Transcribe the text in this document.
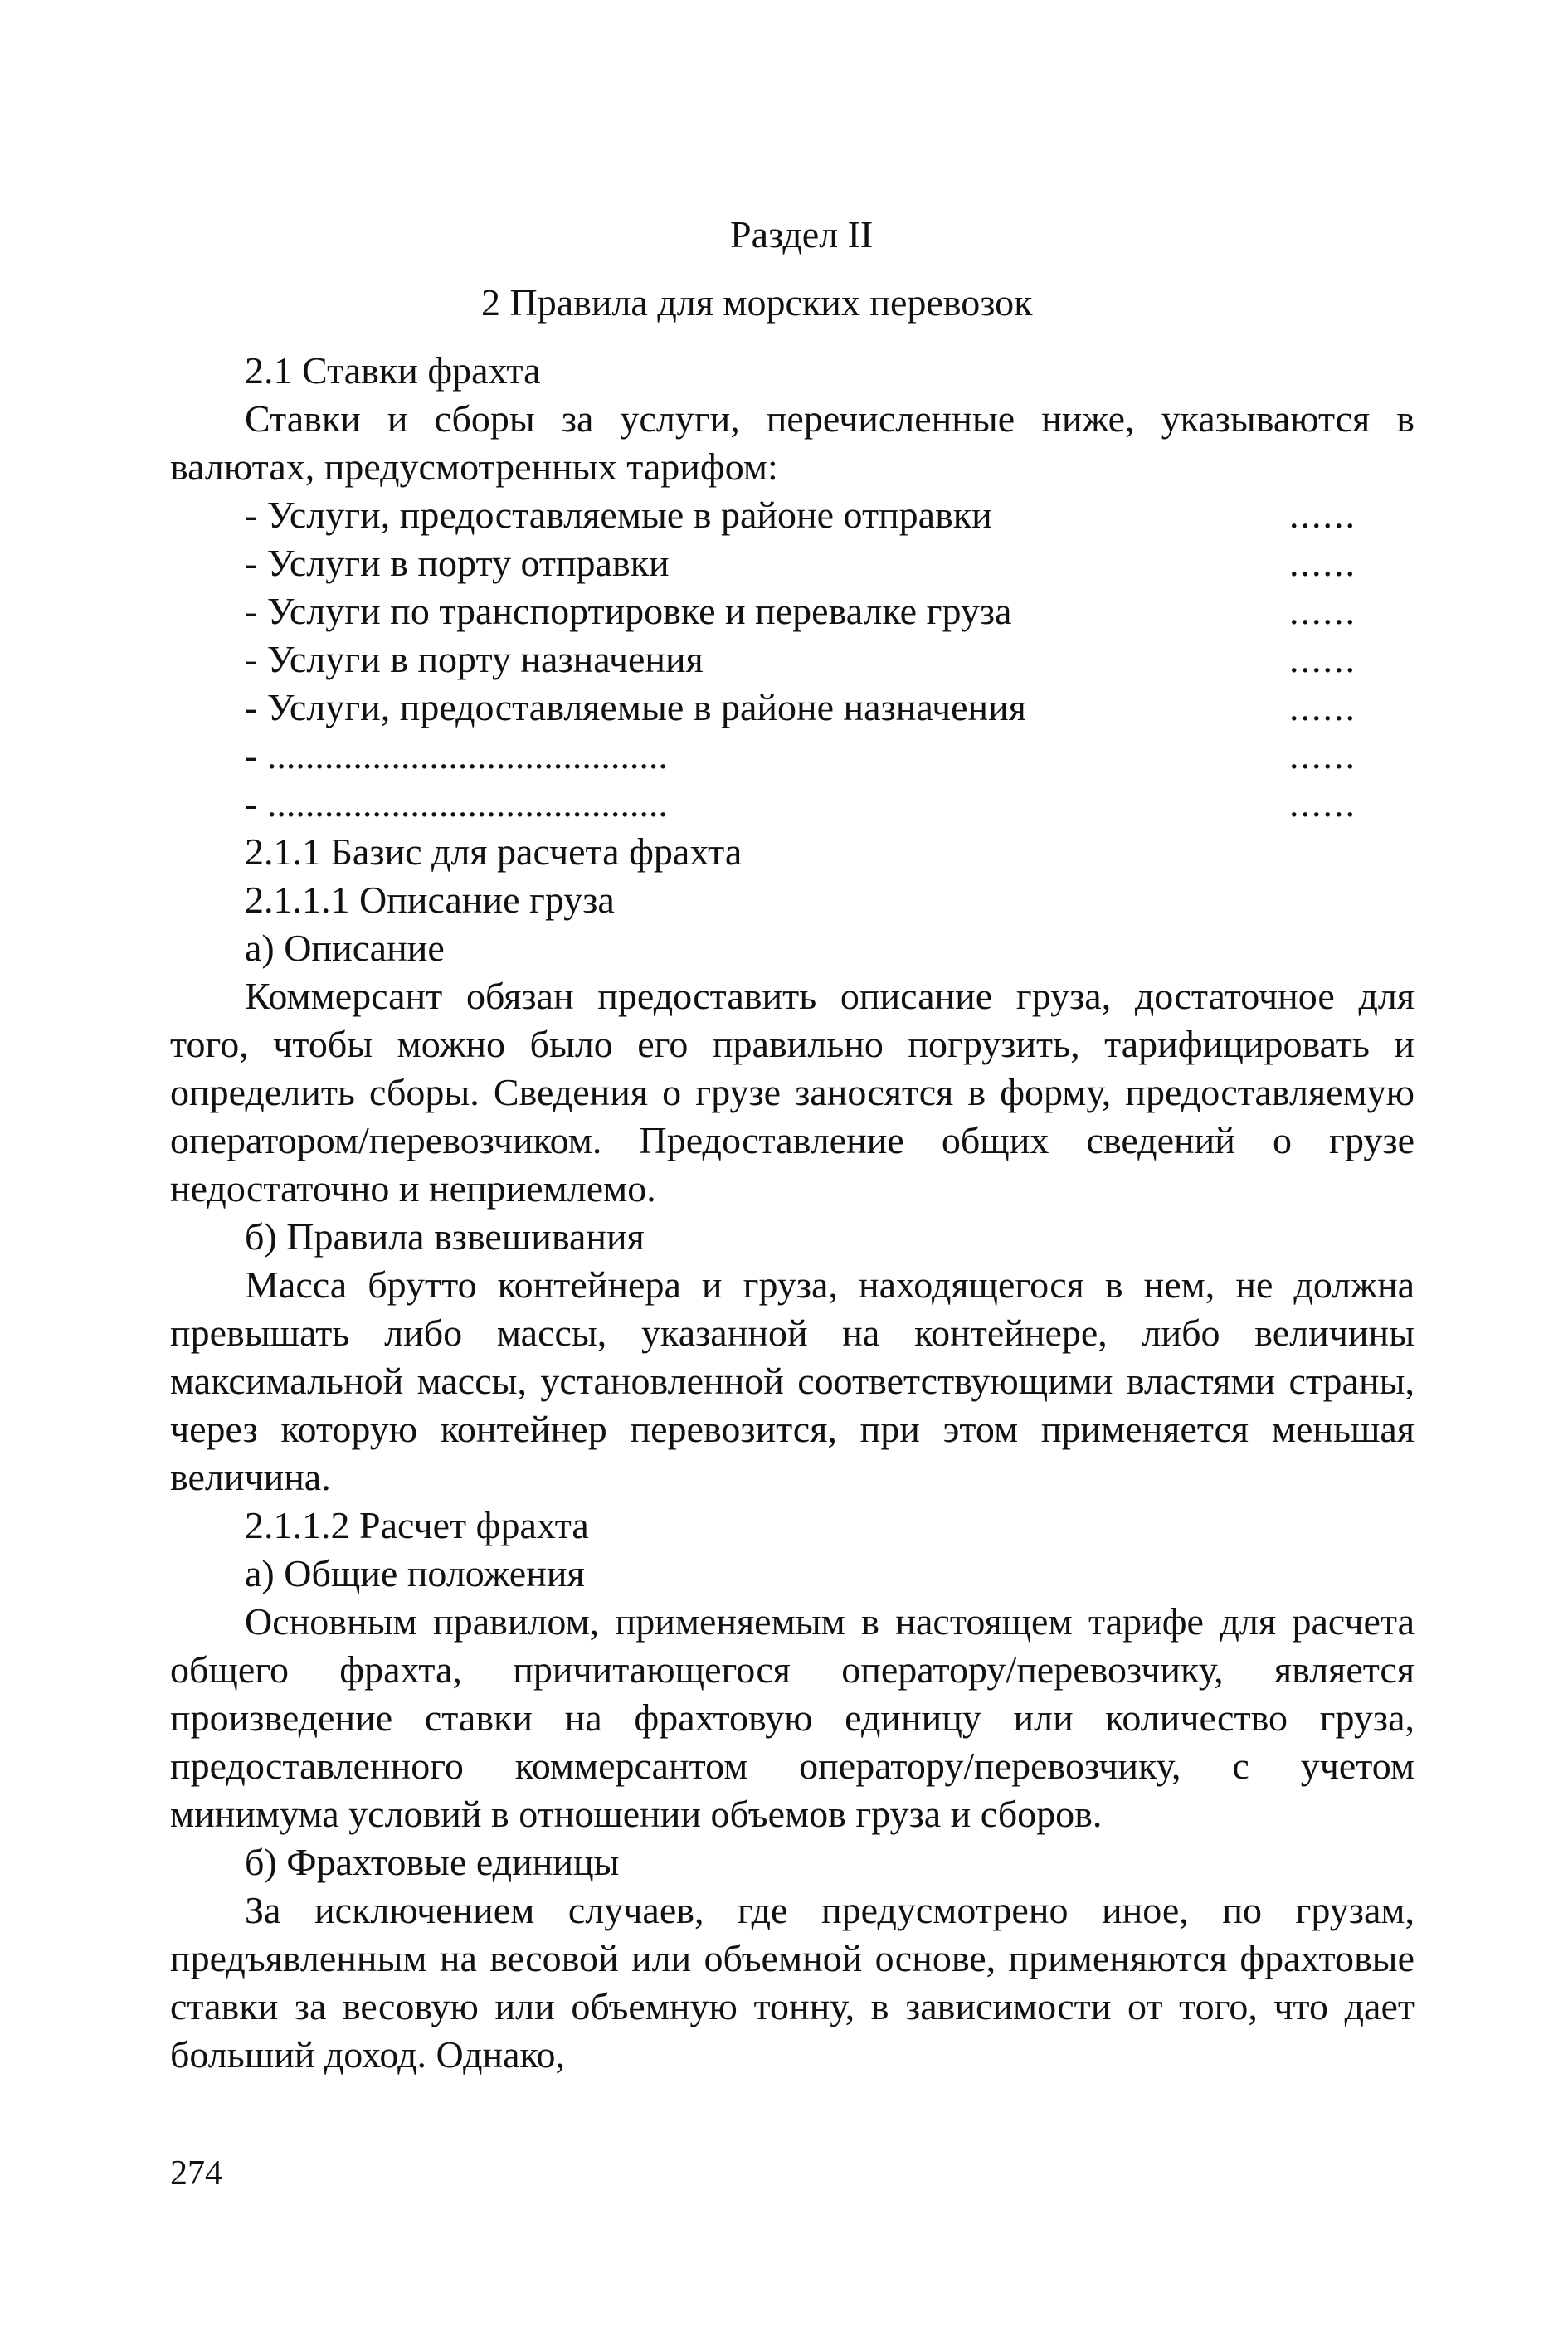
Раздел II
2 Правила для морских перевозок

2.1 Ставки фрахта

Ставки и сборы за услуги, перечисленные ниже, указываются в валютах, предусмотренных тарифом:

- Услуги, предоставляемые в районе отправки	......
- Услуги в порту отправки	......
- Услуги по транспортировке и перевалке груза	......
- Услуги в порту назначения	......
- Услуги, предоставляемые в районе назначения	......
- ..........................................	......
- ..........................................	......

2.1.1 Базис для расчета фрахта

2.1.1.1 Описание груза

а) Описание

Коммерсант обязан предоставить описание груза, достаточное для того, чтобы можно было его правильно погрузить, тарифицировать и определить сборы. Сведения о грузе заносятся в форму, предоставляемую оператором/перевозчиком. Предоставление общих сведений о грузе недостаточно и неприемлемо.

б) Правила взвешивания

Масса брутто контейнера и груза, находящегося в нем, не должна превышать либо массы, указанной на контейнере, либо величины максимальной массы, установленной соответствующими властями страны, через которую контейнер перевозится, при этом применяется меньшая величина.

2.1.1.2 Расчет фрахта

а) Общие положения

Основным правилом, применяемым в настоящем тарифе для расчета общего фрахта, причитающегося оператору/перевозчику, является произведение ставки на фрахтовую единицу или количество груза, предоставленного коммерсантом оператору/перевозчику, с учетом минимума условий в отношении объемов груза и сборов.

б) Фрахтовые единицы

За исключением случаев, где предусмотрено иное, по грузам, предъявленным на весовой или объемной основе, применяются фрахтовые ставки за весовую или объемную тонну, в зависимости от того, что дает больший доход. Однако,

274
